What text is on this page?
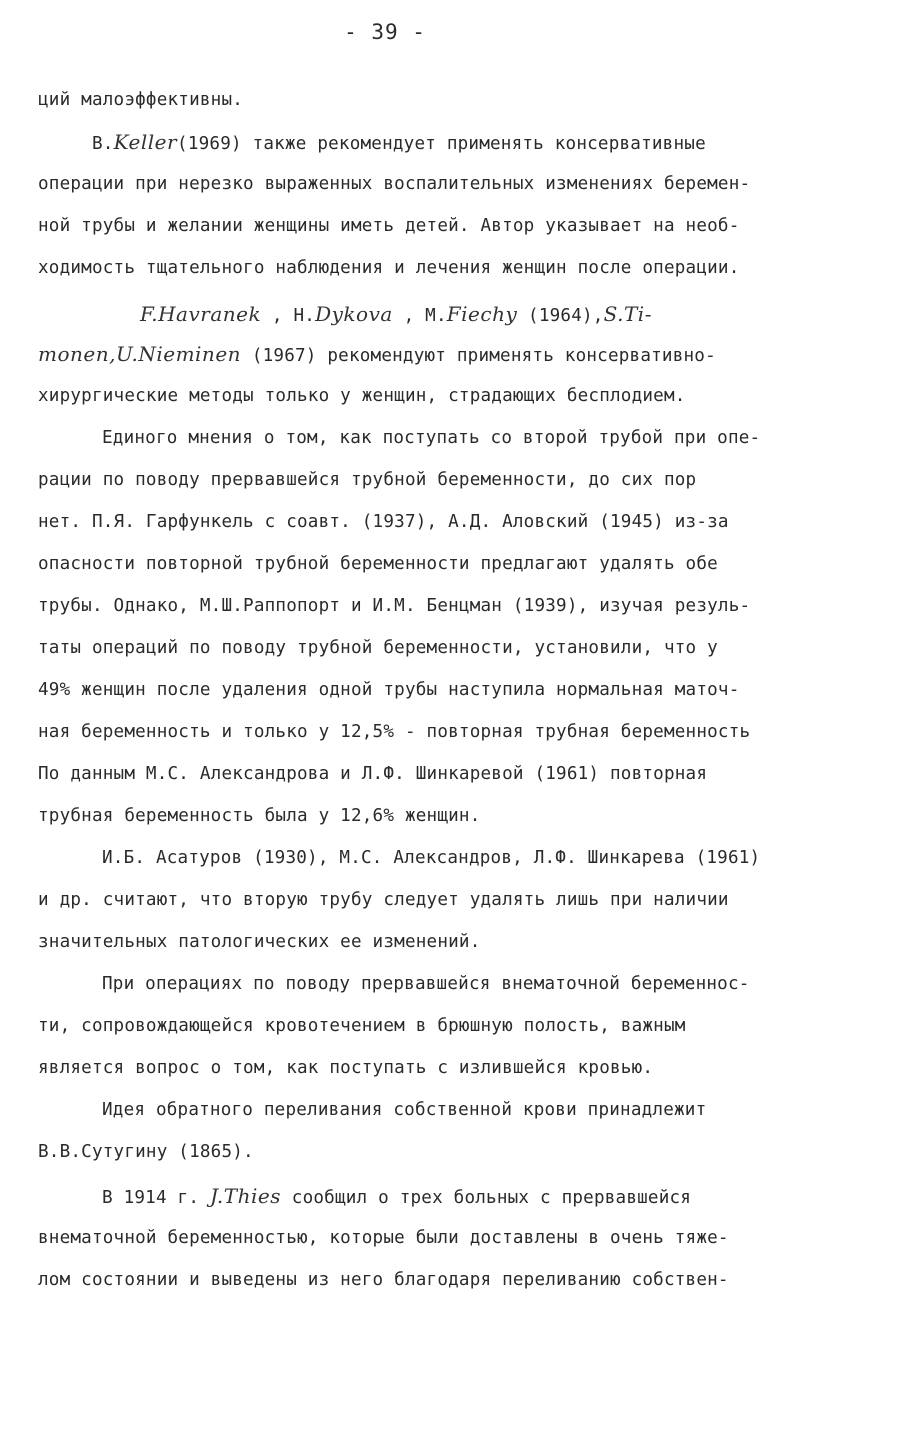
- 39 -
ций малоэффективны.
В.Keller(1969) также рекомендует применять консервативные
операции при нерезко выраженных воспалительных изменениях беремен-
ной трубы и желании женщины иметь детей. Автор указывает на необ-
ходимость тщательного наблюдения и лечения женщин после операции.
F.Havranek , Н.Dykova , М.Fiechy (1964),S.Ti-
monen,U.Nieminen (1967) рекомендуют применять консервативно-
хирургические методы только у женщин, страдающих бесплодием.
Единого мнения о том, как поступать со второй трубой при опе-
рации по поводу прервавшейся трубной беременности, до сих пор
нет. П.Я. Гарфункель с соавт. (1937), А.Д. Аловский (1945) из-за
опасности повторной трубной беременности предлагают удалять обе
трубы. Однако, М.Ш.Раппопорт и И.М. Бенцман (1939), изучая резуль-
таты операций по поводу трубной беременности, установили, что у
49% женщин после удаления одной трубы наступила нормальная маточ-
ная беременность и только у 12,5% - повторная трубная беременность
По данным М.С. Александрова и Л.Ф. Шинкаревой (1961) повторная
трубная беременность была у 12,6% женщин.
И.Б. Асатуров (1930), М.С. Александров, Л.Ф. Шинкарева (1961)
и др. считают, что вторую трубу следует удалять лишь при наличии
значительных патологических ее изменений.
При операциях по поводу прервавшейся внематочной беременнос-
ти, сопровождающейся кровотечением в брюшную полость, важным
является вопрос о том, как поступать с излившейся кровью.
Идея обратного переливания собственной крови принадлежит
В.В.Сутугину (1865).
В 1914 г. J.Thies сообщил о трех больных с прервавшейся
внематочной беременностью, которые были доставлены в очень тяже-
лом состоянии и выведены из него благодаря переливанию собствен-
